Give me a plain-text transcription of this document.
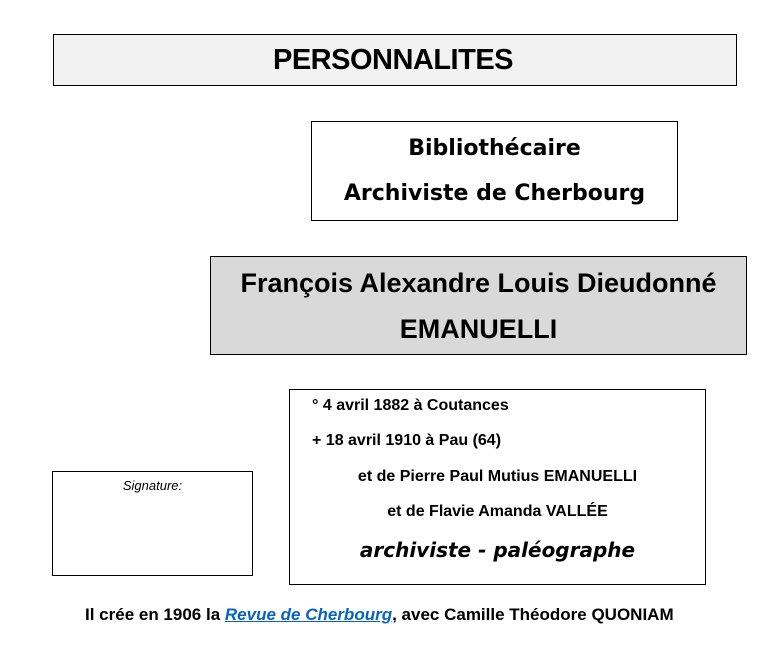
PERSONNALITES
Bibliothécaire
Archiviste de Cherbourg
François Alexandre Louis Dieudonné
EMANUELLI
° 4 avril 1882 à Coutances
+ 18 avril 1910 à Pau (64)
et de Pierre Paul Mutius EMANUELLI
et de Flavie Amanda VALLÉE
archiviste - paléographe
Signature:
Il crée en 1906 la Revue de Cherbourg, avec Camille Théodore QUONIAM
